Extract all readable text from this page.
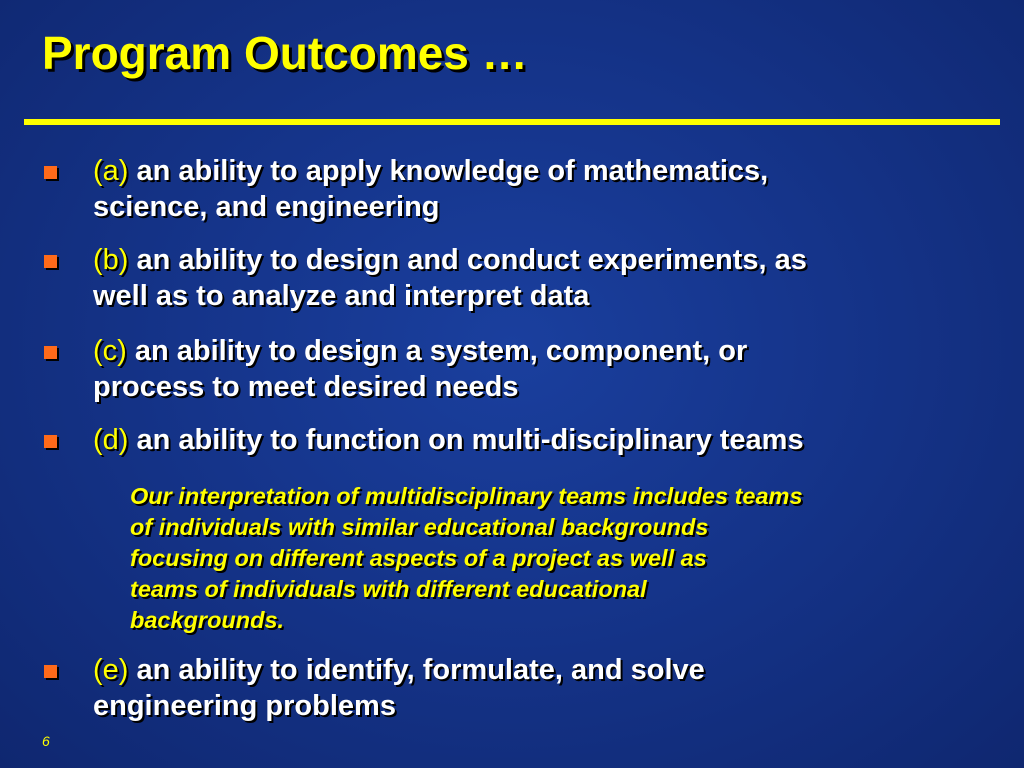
Program Outcomes …
(a) an ability to apply knowledge of mathematics,
science, and engineering
(b) an ability to design and conduct experiments, as
well as to analyze and interpret data
(c) an ability to design a system, component, or
process to meet desired needs
(d) an ability to function on multi-disciplinary teams
Our interpretation of multidisciplinary teams includes teams
of individuals with similar educational backgrounds
focusing on different aspects of a project as well as
teams of individuals with different educational
backgrounds.
(e) an ability to identify, formulate, and solve
engineering problems
6
